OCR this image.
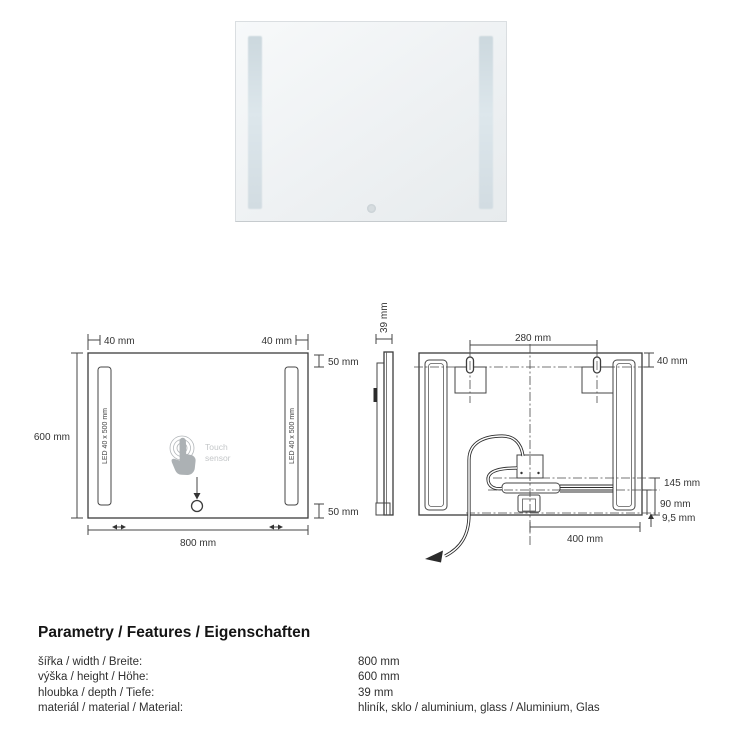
LED 40 x 500 mm	LED 40 x 500 mm
600 mm
40 mm	40 mm
50 mm
50 mm
800 mm
Touch
sensor
39 mm
280 mm
40 mm
145 mm
90 mm
9,5 mm
400 mm
Parametry / Features / Eigenschaften
šířka / width / Breite:	800 mm
výška / height / Höhe:	600 mm
hloubka / depth / Tiefe:	39 mm
materiál / material / Material:	hliník, sklo / aluminium, glass / Aluminium, Glas
